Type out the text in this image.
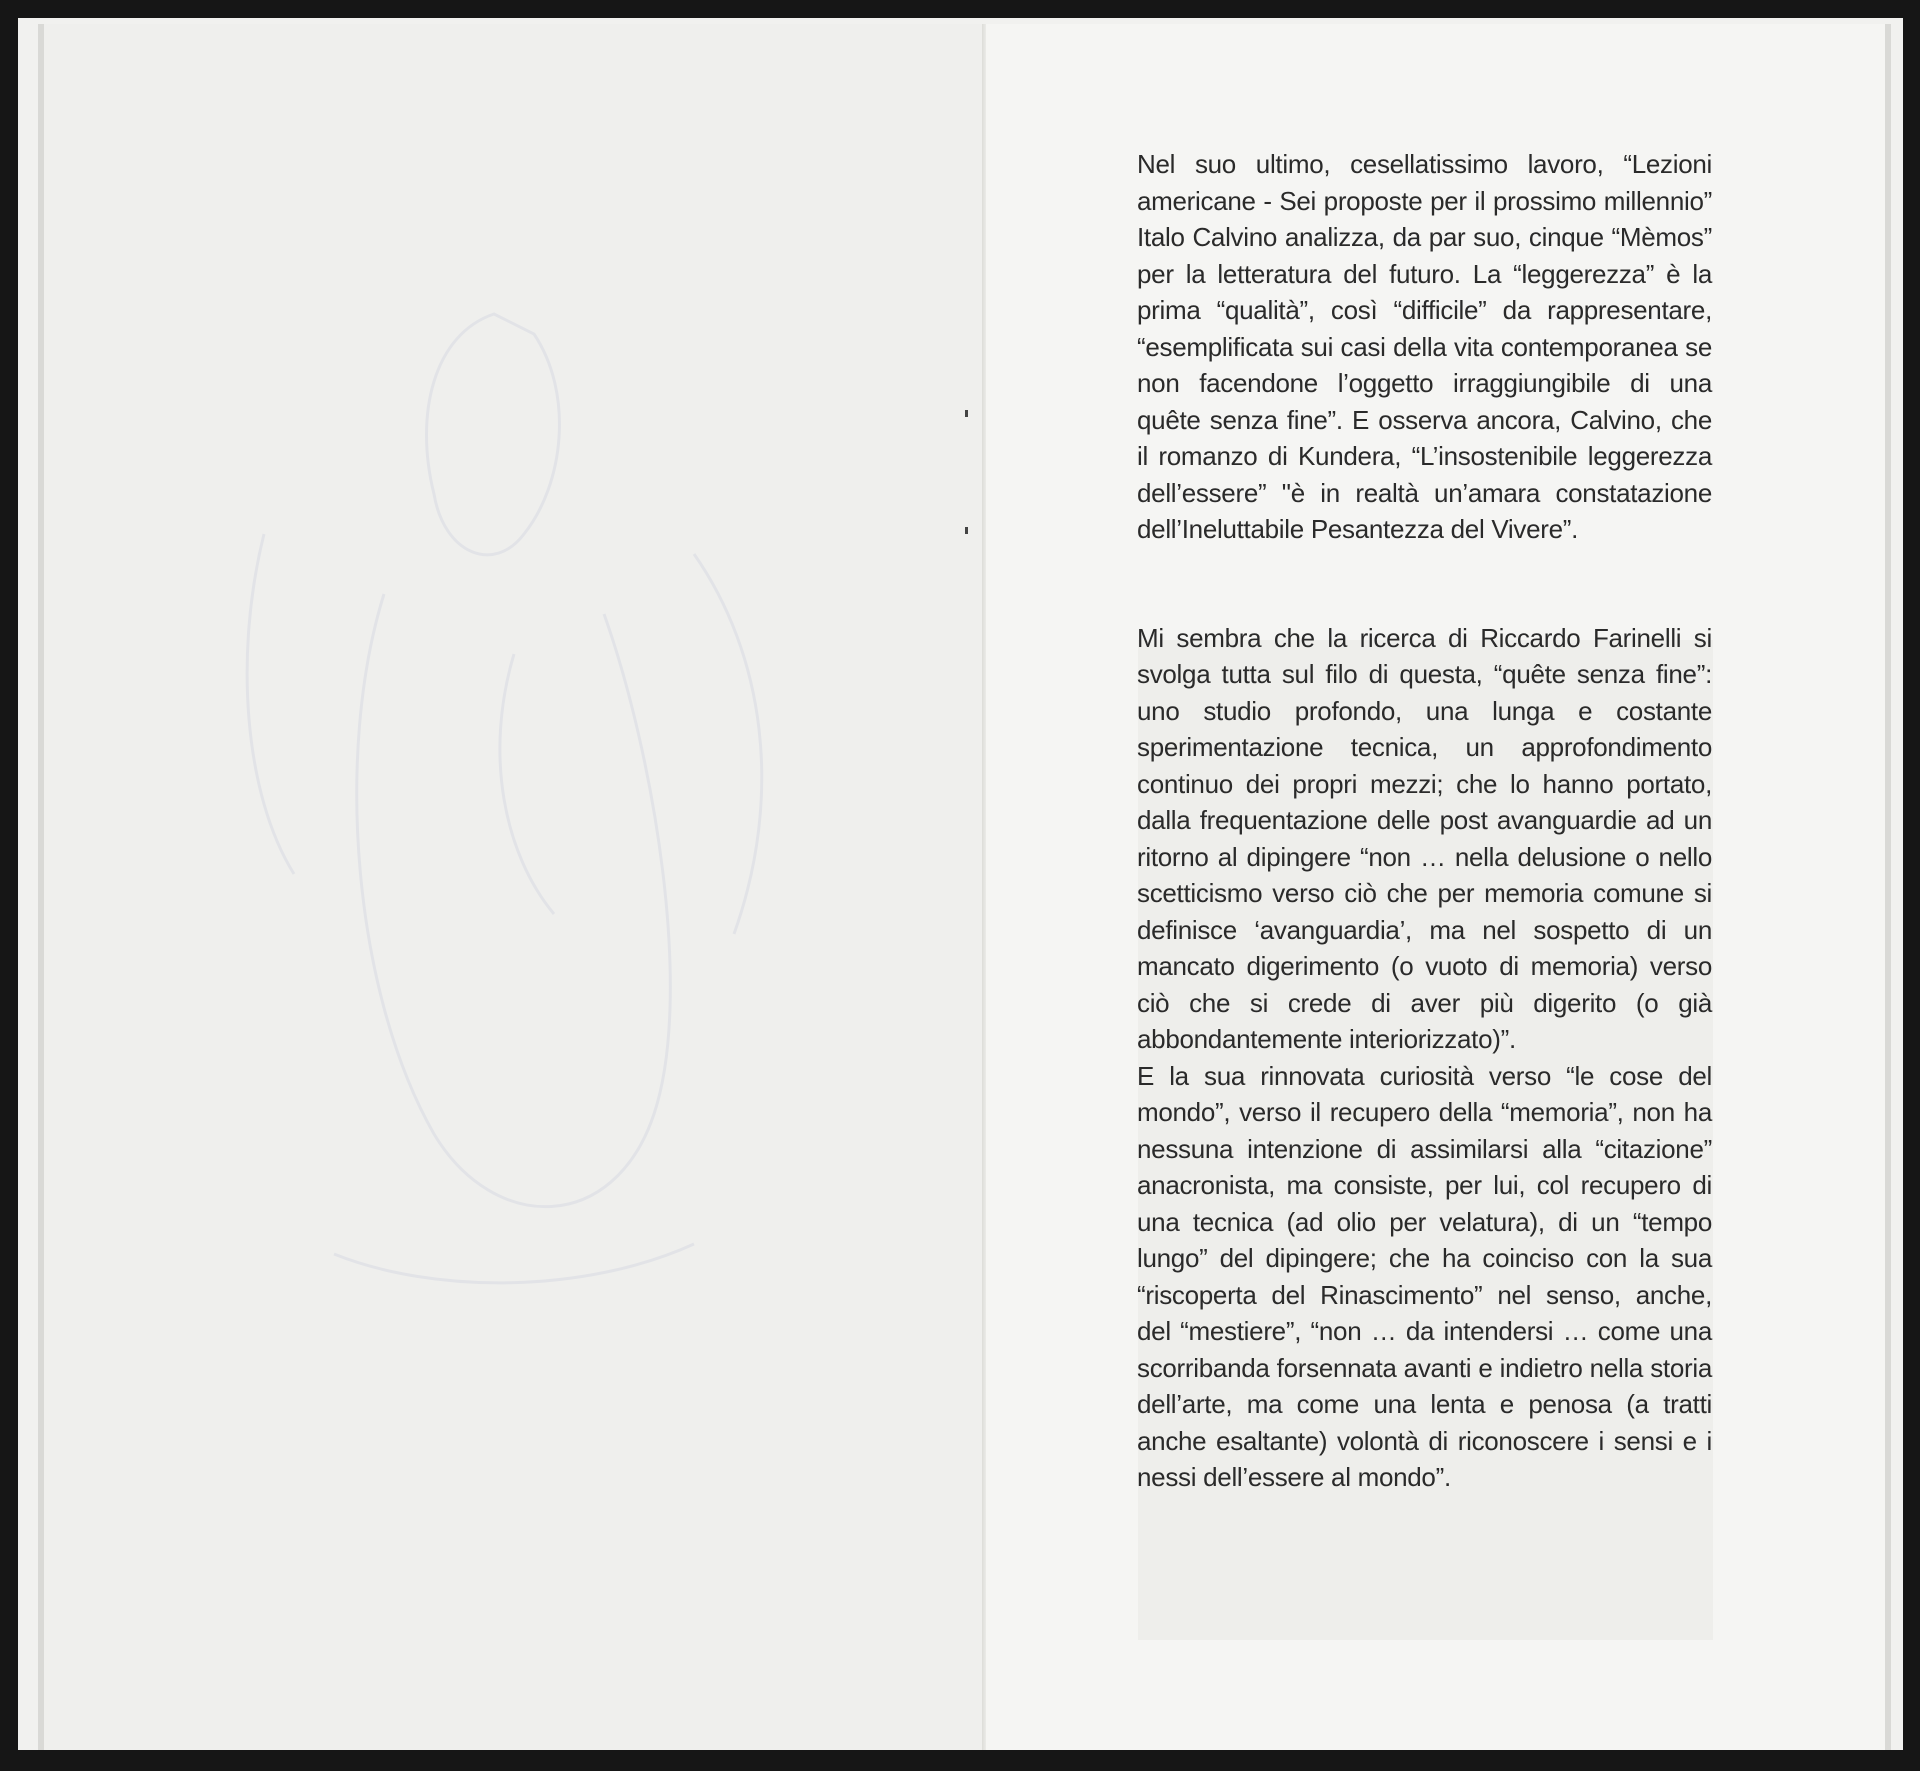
Nel suo ultimo, cesellatissimo lavoro, “Lezioni americane - Sei proposte per il prossimo millennio” Italo Calvino analizza, da par suo, cinque “Mèmos” per la letteratura del futuro. La “leggerezza” è la prima “qualità”, così “difficile” da rappresentare, “esemplificata sui casi della vita contemporanea se non facendone l’oggetto irraggiungibile di una quête senza fine”. E osserva ancora, Calvino, che il romanzo di Kundera, “L’insostenibile leggerezza dell’essere” "è in realtà un’amara constatazione dell’Ineluttabile Pesantezza del Vivere”.

Mi sembra che la ricerca di Riccardo Farinelli si svolga tutta sul filo di questa, “quête senza fine”: uno studio profondo, una lunga e costante sperimentazione tecnica, un approfondimento continuo dei propri mezzi; che lo hanno portato, dalla frequentazione delle post avanguardie ad un ritorno al dipingere “non … nella delusione o nello scetticismo verso ciò che per memoria comune si definisce ‘avanguardia’, ma nel sospetto di un mancato digerimento (o vuoto di memoria) verso ciò che si crede di aver più digerito (o già abbondantemente interiorizzato)”.

E la sua rinnovata curiosità verso “le cose del mondo”, verso il recupero della “memoria”, non ha nessuna intenzione di assimilarsi alla “citazione” anacronista, ma consiste, per lui, col recupero di una tecnica (ad olio per velatura), di un “tempo lungo” del dipingere; che ha coinciso con la sua “riscoperta del Rinascimento” nel senso, anche, del “mestiere”, “non … da intendersi … come una scorribanda forsennata avanti e indietro nella storia dell’arte, ma come una lenta e penosa (a tratti anche esaltante) volontà di riconoscere i sensi e i nessi dell’essere al mondo”.
